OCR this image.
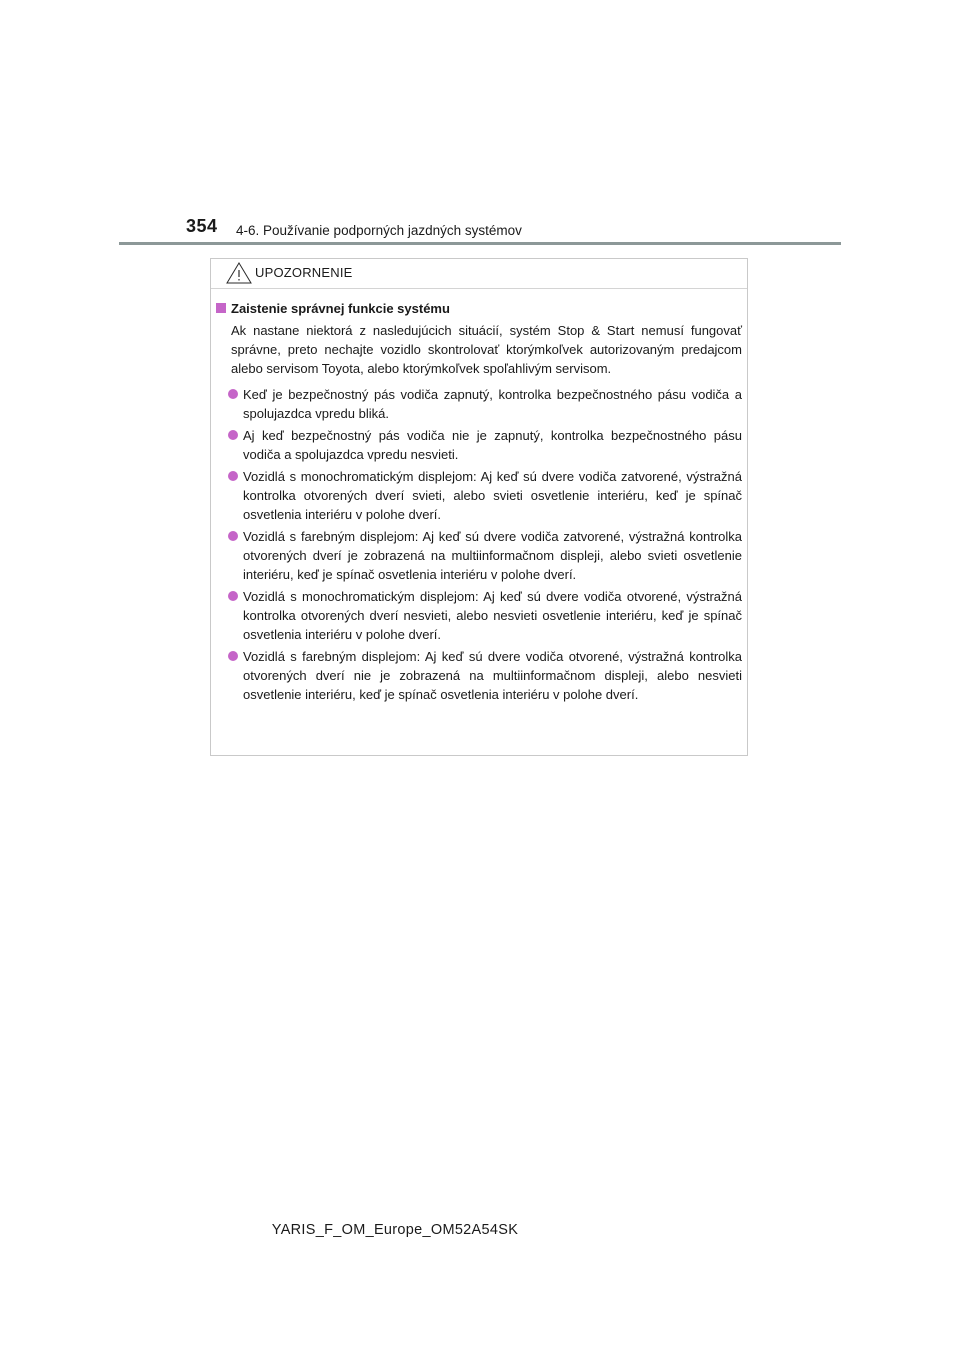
354 4-6. Používanie podporných jazdných systémov
UPOZORNENIE
Zaistenie správnej funkcie systému

Ak nastane niektorá z nasledujúcich situácií, systém Stop & Start nemusí fungovať správne, preto nechajte vozidlo skontrolovať ktorýmkoľvek autorizovaným predajcom alebo servisom Toyota, alebo ktorýmkoľvek spoľahlivým servisom.

Keď je bezpečnostný pás vodiča zapnutý, kontrolka bezpečnostného pásu vodiča a spolujazdca vpredu bliká.
Aj keď bezpečnostný pás vodiča nie je zapnutý, kontrolka bezpečnostného pásu vodiča a spolujazdca vpredu nesvieti.
Vozidlá s monochromatickým displejom: Aj keď sú dvere vodiča zatvorené, výstražná kontrolka otvorených dverí svieti, alebo svieti osvetlenie interiéru, keď je spínač osvetlenia interiéru v polohe dverí.
Vozidlá s farebným displejom: Aj keď sú dvere vodiča zatvorené, výstražná kontrolka otvorených dverí je zobrazená na multiinformačnom displeji, alebo svieti osvetlenie interiéru, keď je spínač osvetlenia interiéru v polohe dverí.
Vozidlá s monochromatickým displejom: Aj keď sú dvere vodiča otvorené, výstražná kontrolka otvorených dverí nesvieti, alebo nesvieti osvetlenie interiéru, keď je spínač osvetlenia interiéru v polohe dverí.
Vozidlá s farebným displejom: Aj keď sú dvere vodiča otvorené, výstražná kontrolka otvorených dverí nie je zobrazená na multiinformačnom displeji, alebo nesvieti osvetlenie interiéru, keď je spínač osvetlenia interiéru v polohe dverí.
YARIS_F_OM_Europe_OM52A54SK
